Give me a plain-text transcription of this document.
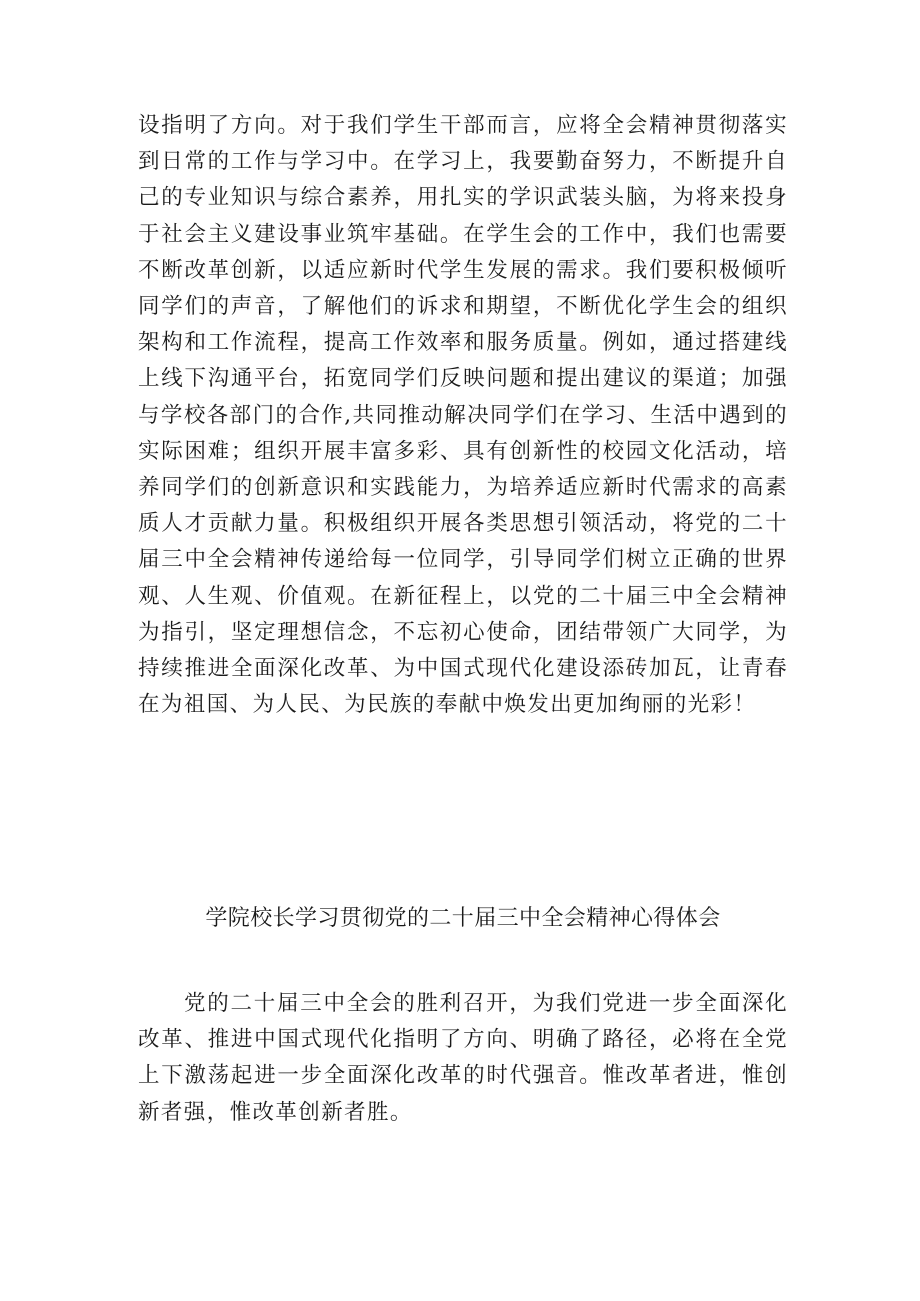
设指明了方向。对于我们学生干部而言，应将全会精神贯彻落实到日常的工作与学习中。在学习上，我要勤奋努力，不断提升自己的专业知识与综合素养，用扎实的学识武装头脑，为将来投身于社会主义建设事业筑牢基础。在学生会的工作中，我们也需要不断改革创新，以适应新时代学生发展的需求。我们要积极倾听同学们的声音，了解他们的诉求和期望，不断优化学生会的组织架构和工作流程，提高工作效率和服务质量。例如，通过搭建线上线下沟通平台，拓宽同学们反映问题和提出建议的渠道；加强与学校各部门的合作,共同推动解决同学们在学习、生活中遇到的实际困难；组织开展丰富多彩、具有创新性的校园文化活动，培养同学们的创新意识和实践能力，为培养适应新时代需求的高素质人才贡献力量。积极组织开展各类思想引领活动，将党的二十届三中全会精神传递给每一位同学，引导同学们树立正确的世界观、人生观、价值观。在新征程上，以党的二十届三中全会精神为指引，坚定理想信念，不忘初心使命，团结带领广大同学，为持续推进全面深化改革、为中国式现代化建设添砖加瓦，让青春在为祖国、为人民、为民族的奉献中焕发出更加绚丽的光彩！

学院校长学习贯彻党的二十届三中全会精神心得体会

党的二十届三中全会的胜利召开，为我们党进一步全面深化改革、推进中国式现代化指明了方向、明确了路径，必将在全党上下激荡起进一步全面深化改革的时代强音。惟改革者进，惟创新者强，惟改革创新者胜。
